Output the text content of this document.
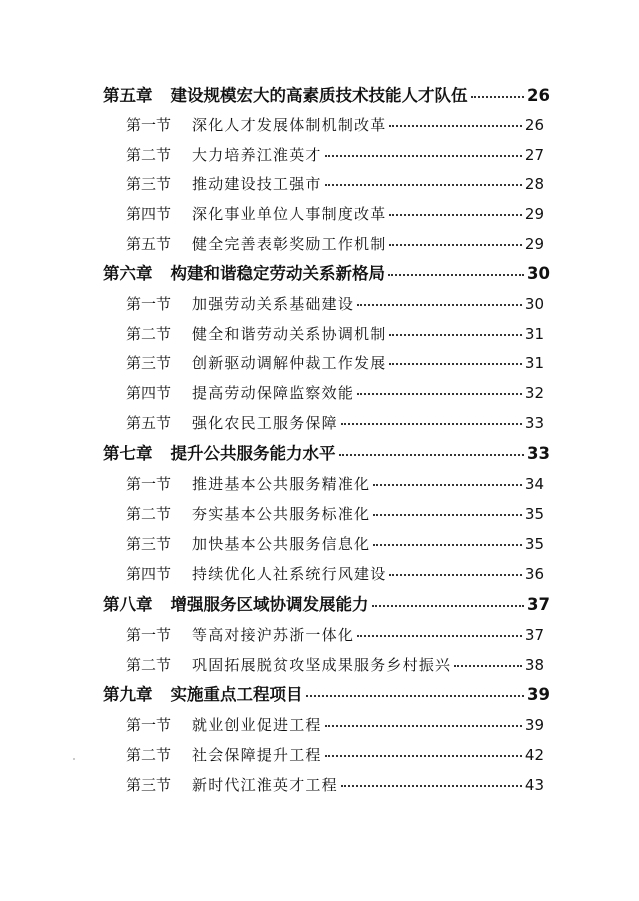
第五章 建设规模宏大的高素质技术技能人才队伍	26
第一节 深化人才发展体制机制改革	26
第二节 大力培养江淮英才	27
第三节 推动建设技工强市	28
第四节 深化事业单位人事制度改革	29
第五节 健全完善表彰奖励工作机制	29
第六章 构建和谐稳定劳动关系新格局	30
第一节 加强劳动关系基础建设	30
第二节 健全和谐劳动关系协调机制	31
第三节 创新驱动调解仲裁工作发展	31
第四节 提高劳动保障监察效能	32
第五节 强化农民工服务保障	33
第七章 提升公共服务能力水平	33
第一节 推进基本公共服务精准化	34
第二节 夯实基本公共服务标准化	35
第三节 加快基本公共服务信息化	35
第四节 持续优化人社系统行风建设	36
第八章 增强服务区域协调发展能力	37
第一节 等高对接沪苏浙一体化	37
第二节 巩固拓展脱贫攻坚成果服务乡村振兴	38
第九章 实施重点工程项目	39
第一节 就业创业促进工程	39
第二节 社会保障提升工程	42
第三节 新时代江淮英才工程	43
